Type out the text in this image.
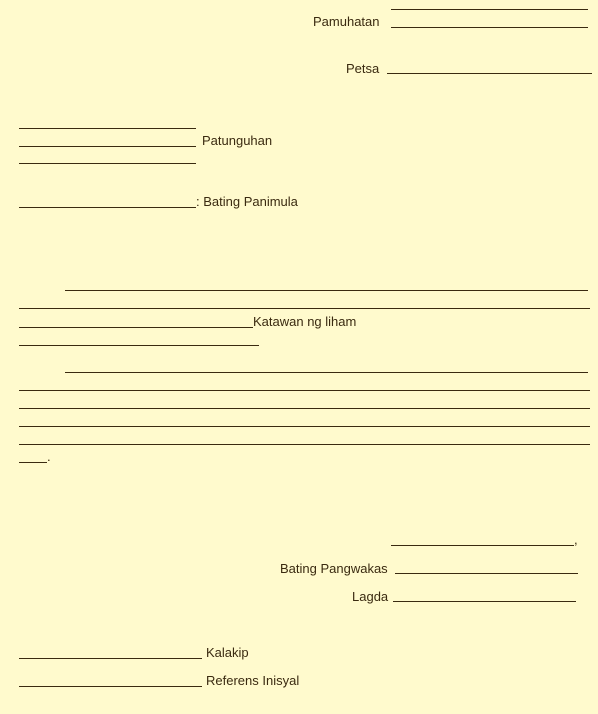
Pamuhatan
Petsa
Patunguhan
: Bating Panimula
Katawan ng liham
.
,
Bating Pangwakas
Lagda
Kalakip
Referens Inisyal
